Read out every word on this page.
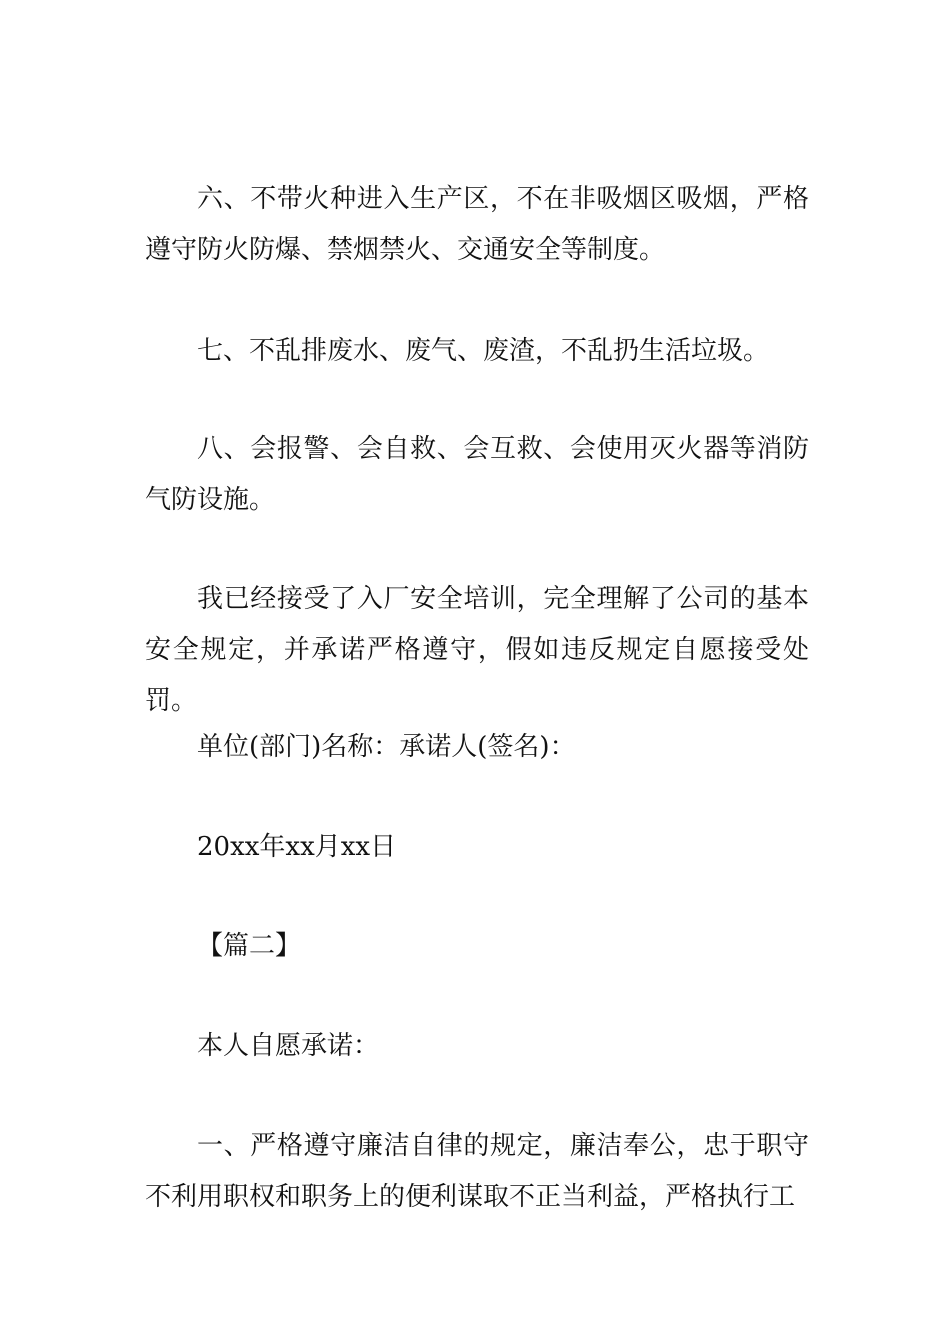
六、不带火种进入生产区，不在非吸烟区吸烟，严格遵守防火防爆、禁烟禁火、交通安全等制度。

七、不乱排废水、废气、废渣，不乱扔生活垃圾。

八、会报警、会自救、会互救、会使用灭火器等消防气防设施。

我已经接受了入厂安全培训，完全理解了公司的基本安全规定，并承诺严格遵守，假如违反规定自愿接受处罚。

单位(部门)名称：承诺人(签名)：

20xx年xx月xx日

【篇二】

本人自愿承诺：

一、严格遵守廉洁自律的规定，廉洁奉公，忠于职守不利用职权和职务上的便利谋取不正当利益，严格执行工
